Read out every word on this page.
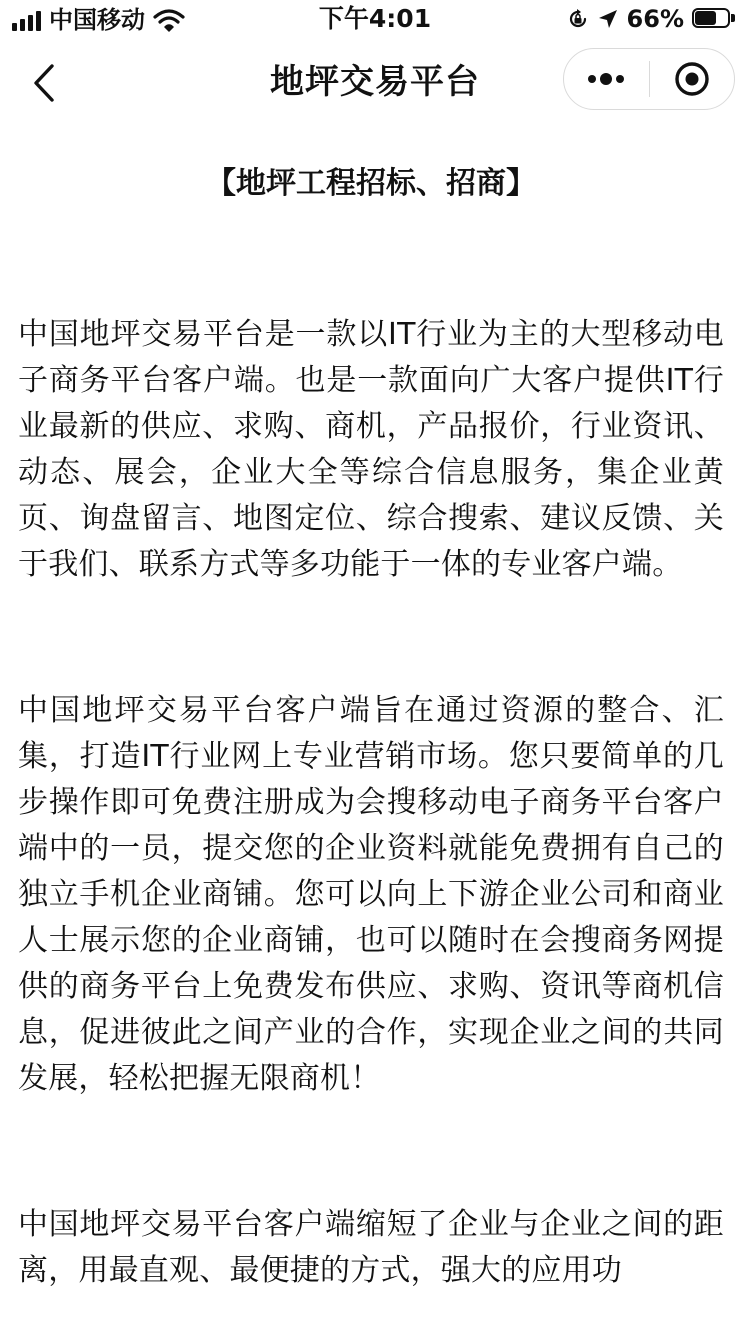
中国移动	下午4:01	66%
地坪交易平台

【地坪工程招标、招商】

中国地坪交易平台是一款以IT行业为主的大型移动电子商务平台客户端。也是一款面向广大客户提供IT行业最新的供应、求购、商机，产品报价，行业资讯、动态、展会，企业大全等综合信息服务，集企业黄页、询盘留言、地图定位、综合搜索、建议反馈、关于我们、联系方式等多功能于一体的专业客户端。

中国地坪交易平台客户端旨在通过资源的整合、汇集，打造IT行业网上专业营销市场。您只要简单的几步操作即可免费注册成为会搜移动电子商务平台客户端中的一员，提交您的企业资料就能免费拥有自己的独立手机企业商铺。您可以向上下游企业公司和商业人士展示您的企业商铺，也可以随时在会搜商务网提供的商务平台上免费发布供应、求购、资讯等商机信息，促进彼此之间产业的合作，实现企业之间的共同发展，轻松把握无限商机！

中国地坪交易平台客户端缩短了企业与企业之间的距离，用最直观、最便捷的方式，强大的应用功
